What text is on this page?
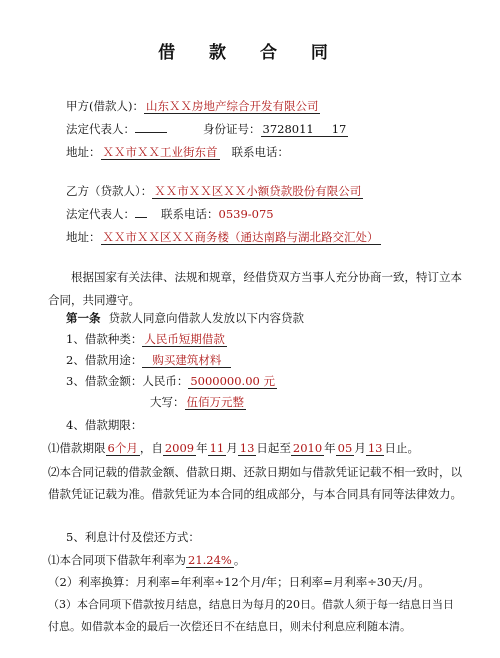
借 款 合 同
甲方(借款人)： 山东ＸＸ房地产综合开发有限公司
法定代表人：	身份证号： 3728011 17
地址： ＸＸ市ＸＸ工业街东首 联系电话：
乙方（贷款人）： ＸＸ市ＸＸ区ＸＸ小额贷款股份有限公司
法定代表人： 联系电话：0539-075
地址： ＸＸ市ＸＸ区ＸＸ商务楼（通达南路与湖北路交汇处）
根据国家有关法律、法规和规章，经借贷双方当事人充分协商一致，特订立本合同，共同遵守。
第一条 贷款人同意向借款人发放以下内容贷款
1、借款种类： 人民币短期借款
2、借款用途： 购买建筑材料
3、借款金额：人民币： 5000000.00 元
大写： 伍佰万元整
4、借款期限：
⑴借款期限 6个月 ，自 2009 年 11 月 13 日起至 2010 年 05 月 13 日止。
⑵本合同记载的借款金额、借款日期、还款日期如与借款凭证记载不相一致时，以借款凭证记载为准。借款凭证为本合同的组成部分，与本合同具有同等法律效力。
5、利息计付及偿还方式：
⑴本合同项下借款年利率为 21.24% 。
（2）利率换算：月利率=年利率÷12个月/年；日利率=月利率÷30天/月。
（3）本合同项下借款按月结息，结息日为每月的20日。借款人须于每一结息日当日付息。如借款本金的最后一次偿还日不在结息日，则未付利息应利随本清。
